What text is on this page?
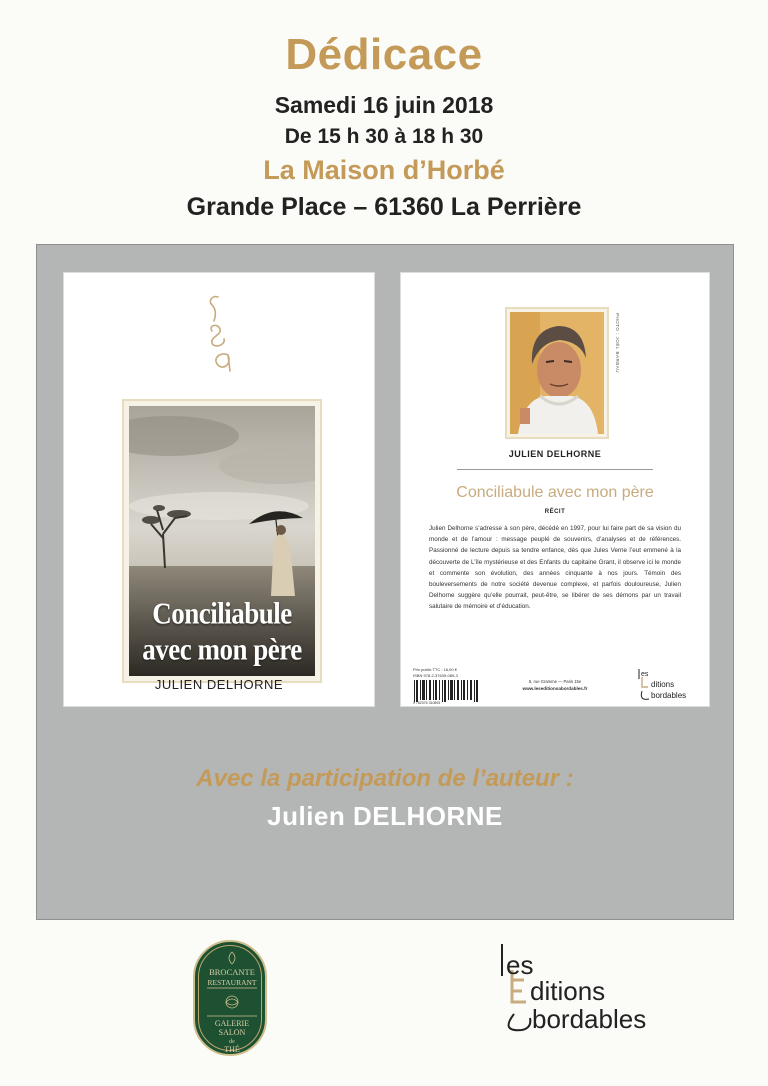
Dédicace
Samedi 16 juin 2018
De 15 h 30 à 18 h 30
La Maison d’Horbé
Grande Place – 61360 La Perrière
Conciliabule avec mon père
JULIEN DELHORNE
PHOTO : JOËL BARBAU
JULIEN DELHORNE
Conciliabule avec mon père
RÉCIT
Julien Delhorne s’adresse à son père, décédé en 1997, pour lui faire part de sa vision du monde et de l’amour : message peuplé de souvenirs, d’analyses et de références. Passionné de lecture depuis sa tendre enfance, dès que Jules Verne l’eut emmené à la découverte de L’île mystérieuse et des Enfants du capitaine Grant, il observe ici le monde et commente son évolution, des années cinquante à nos jours. Témoin des bouleversements de notre société devenue complexe, et parfois douloureuse, Julien Delhorne suggère qu’elle pourrait, peut-être, se libérer de ses démons par un travail salutaire de mémoire et d’éducation.
Prix public TTC : 16,00 €
ISBN 978-2-37639-089-3
9 782376 310893
8, rue Gramme — Paris 15e
www.leseditionsabordables.fr
es
ditions
bordables
Avec la participation de l’auteur :
Julien DELHORNE
BROCANTE
RESTAURANT
GALERIE
SALON
de
THÉ
es
ditions
bordables
